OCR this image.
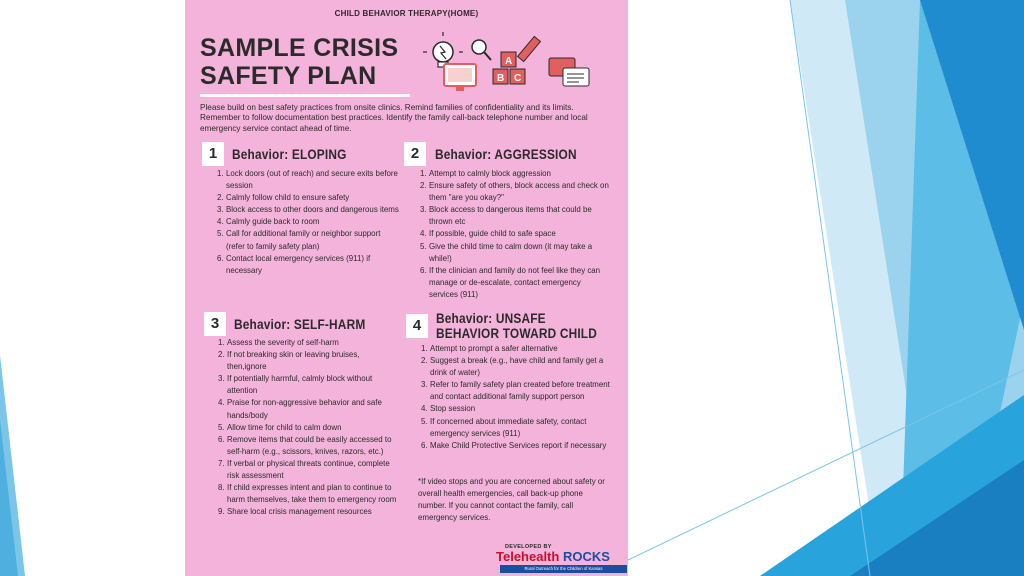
CHILD BEHAVIOR THERAPY(HOME)
SAMPLE CRISIS
SAFETY PLAN
A
B C
Please build on best safety practices from onsite clinics. Remind families of confidentiality and its limits. Remember to follow documentation best practices. Identify the family call-back telephone number and local emergency service contact ahead of time.
1	Behavior: ELOPING
1. Lock doors (out of reach) and secure exits before session
2. Calmly follow child to ensure safety
3. Block access to other doors and dangerous items
4. Calmly guide back to room
5. Call for additional family or neighbor support (refer to family safety plan)
6. Contact local emergency services (911) if necessary
2	Behavior: AGGRESSION
1. Attempt to calmly block aggression
2. Ensure safety of others, block access and check on them "are you okay?"
3. Block access to dangerous items that could be thrown etc
4. If possible, guide child to safe space
5. Give the child time to calm down (it may take a while!)
6. If the clinician and family do not feel like they can manage or de-escalate, contact emergency services (911)
3	Behavior: SELF-HARM
1. Assess the severity of self-harm
2. If not breaking skin or leaving bruises, then,ignore
3. If potentially harmful, calmly block without attention
4. Praise for non-aggressive behavior and safe hands/body
5. Allow time for child to calm down
6. Remove items that could be easily accessed to self-harm (e.g., scissors, knives, razors, etc.)
7. If verbal or physical threats continue, complete risk assessment
8. If child expresses intent and plan to continue to harm themselves, take them to emergency room
9. Share local crisis management resources
4	Behavior: UNSAFE
BEHAVIOR TOWARD CHILD
1. Attempt to prompt a safer alternative
2. Suggest a break (e.g., have child and family get a drink of water)
3. Refer to family safety plan created before treatment and contact additional family support person
4. Stop session
5. If concerned about immediate safety, contact emergency services (911)
6. Make Child Protective Services report if necessary
*If video stops and you are concerned about safety or overall health emergencies, call back-up phone number. If you cannot contact the family, call emergency services.
DEVELOPED BY
Telehealth ROCKS
Rural Outreach for the Children of Kansas
